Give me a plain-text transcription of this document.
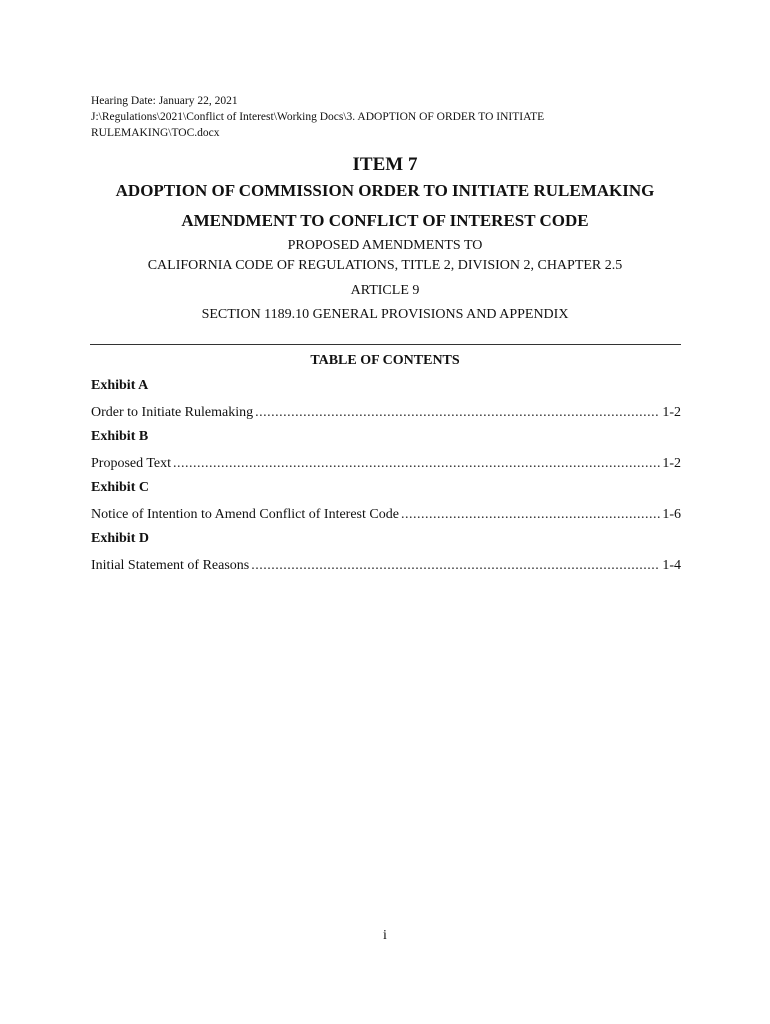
Hearing Date: January 22, 2021
J:\Regulations\2021\Conflict of Interest\Working Docs\3. ADOPTION OF ORDER TO INITIATE
RULEMAKING\TOC.docx
ITEM 7
ADOPTION OF COMMISSION ORDER TO INITIATE RULEMAKING
AMENDMENT TO CONFLICT OF INTEREST CODE
PROPOSED AMENDMENTS TO
CALIFORNIA CODE OF REGULATIONS, TITLE 2, DIVISION 2, CHAPTER 2.5
ARTICLE 9
SECTION 1189.10 GENERAL PROVISIONS AND APPENDIX
TABLE OF CONTENTS
Exhibit A
Order to Initiate Rulemaking .....	1-2
Exhibit B
Proposed Text .....	1-2
Exhibit C
Notice of Intention to Amend Conflict of Interest Code .....	1-6
Exhibit D
Initial Statement of Reasons .....	1-4
i
